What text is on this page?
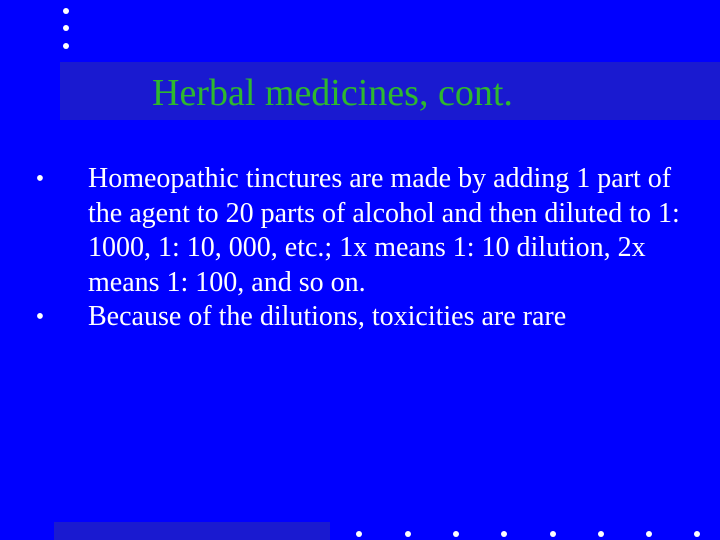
Herbal medicines, cont.
• Homeopathic tinctures are made by adding 1 part of the agent to 20 parts of alcohol and then diluted to 1: 1000, 1: 10, 000, etc.; 1x means 1: 10 dilution, 2x means 1: 100, and so on.
• Because of the dilutions, toxicities are rare
